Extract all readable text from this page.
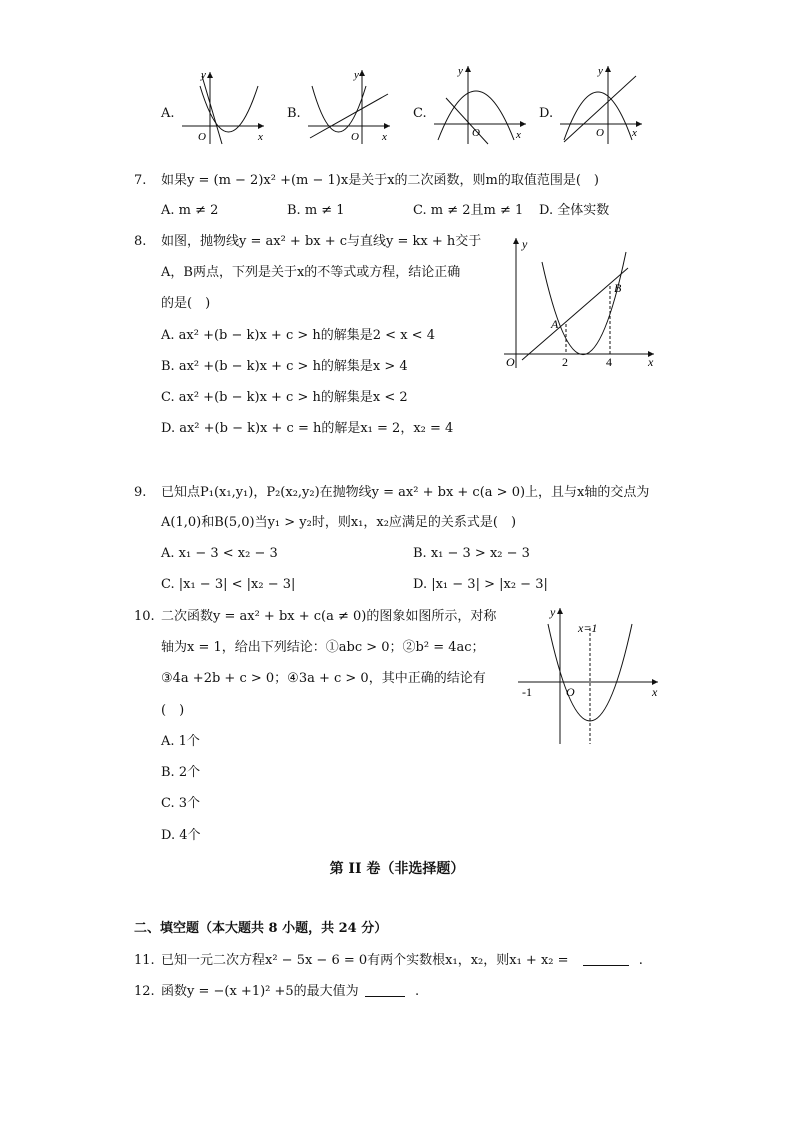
A.
y
x
O
B.
y
x
O
C.
y
x
O
D.
y
x
O
7. 如果y = (m − 2)x² +(m − 1)x是关于x的二次函数，则m的取值范围是(　)
A. m ≠ 2	B. m ≠ 1	C. m ≠ 2且m ≠ 1 D. 全体实数
8. 如图，抛物线y = ax² + bx + c与直线y = kx + h交于
A，B两点，下列是关于x的不等式或方程，结论正确
的是(　)
A. ax² +(b − k)x + c > h的解集是2 < x < 4
B. ax² +(b − k)x + c > h的解集是x > 4
C. ax² +(b − k)x + c > h的解集是x < 2
D. ax² +(b − k)x + c = h的解是x₁ = 2，x₂ = 4
y
x
O
A
B
2	4
9. 已知点P₁(x₁,y₁)，P₂(x₂,y₂)在抛物线y = ax² + bx + c(a > 0)上，且与x轴的交点为
A(1,0)和B(5,0)当y₁ > y₂时，则x₁，x₂应满足的关系式是(　)
A. x₁ − 3 < x₂ − 3	B. x₁ − 3 > x₂ − 3
C. |x₁ − 3| < |x₂ − 3|	D. |x₁ − 3| > |x₂ − 3|
10. 二次函数y = ax² + bx + c(a ≠ 0)的图象如图所示，对称
轴为x = 1，给出下列结论：①abc > 0；②b² = 4ac；
③4a +2b + c > 0；④3a + c > 0，其中正确的结论有
(　)
A. 1个
B. 2个
C. 3个
D. 4个
y
x
O
-1
x=1
第 II 卷（非选择题）
二、填空题（本大题共 8 小题，共 24 分）
11. 已知一元二次方程x² − 5x − 6 = 0有两个实数根x₁，x₂，则x₁ + x₂ =	.
12. 函数y = −(x +1)² +5的最大值为	.
